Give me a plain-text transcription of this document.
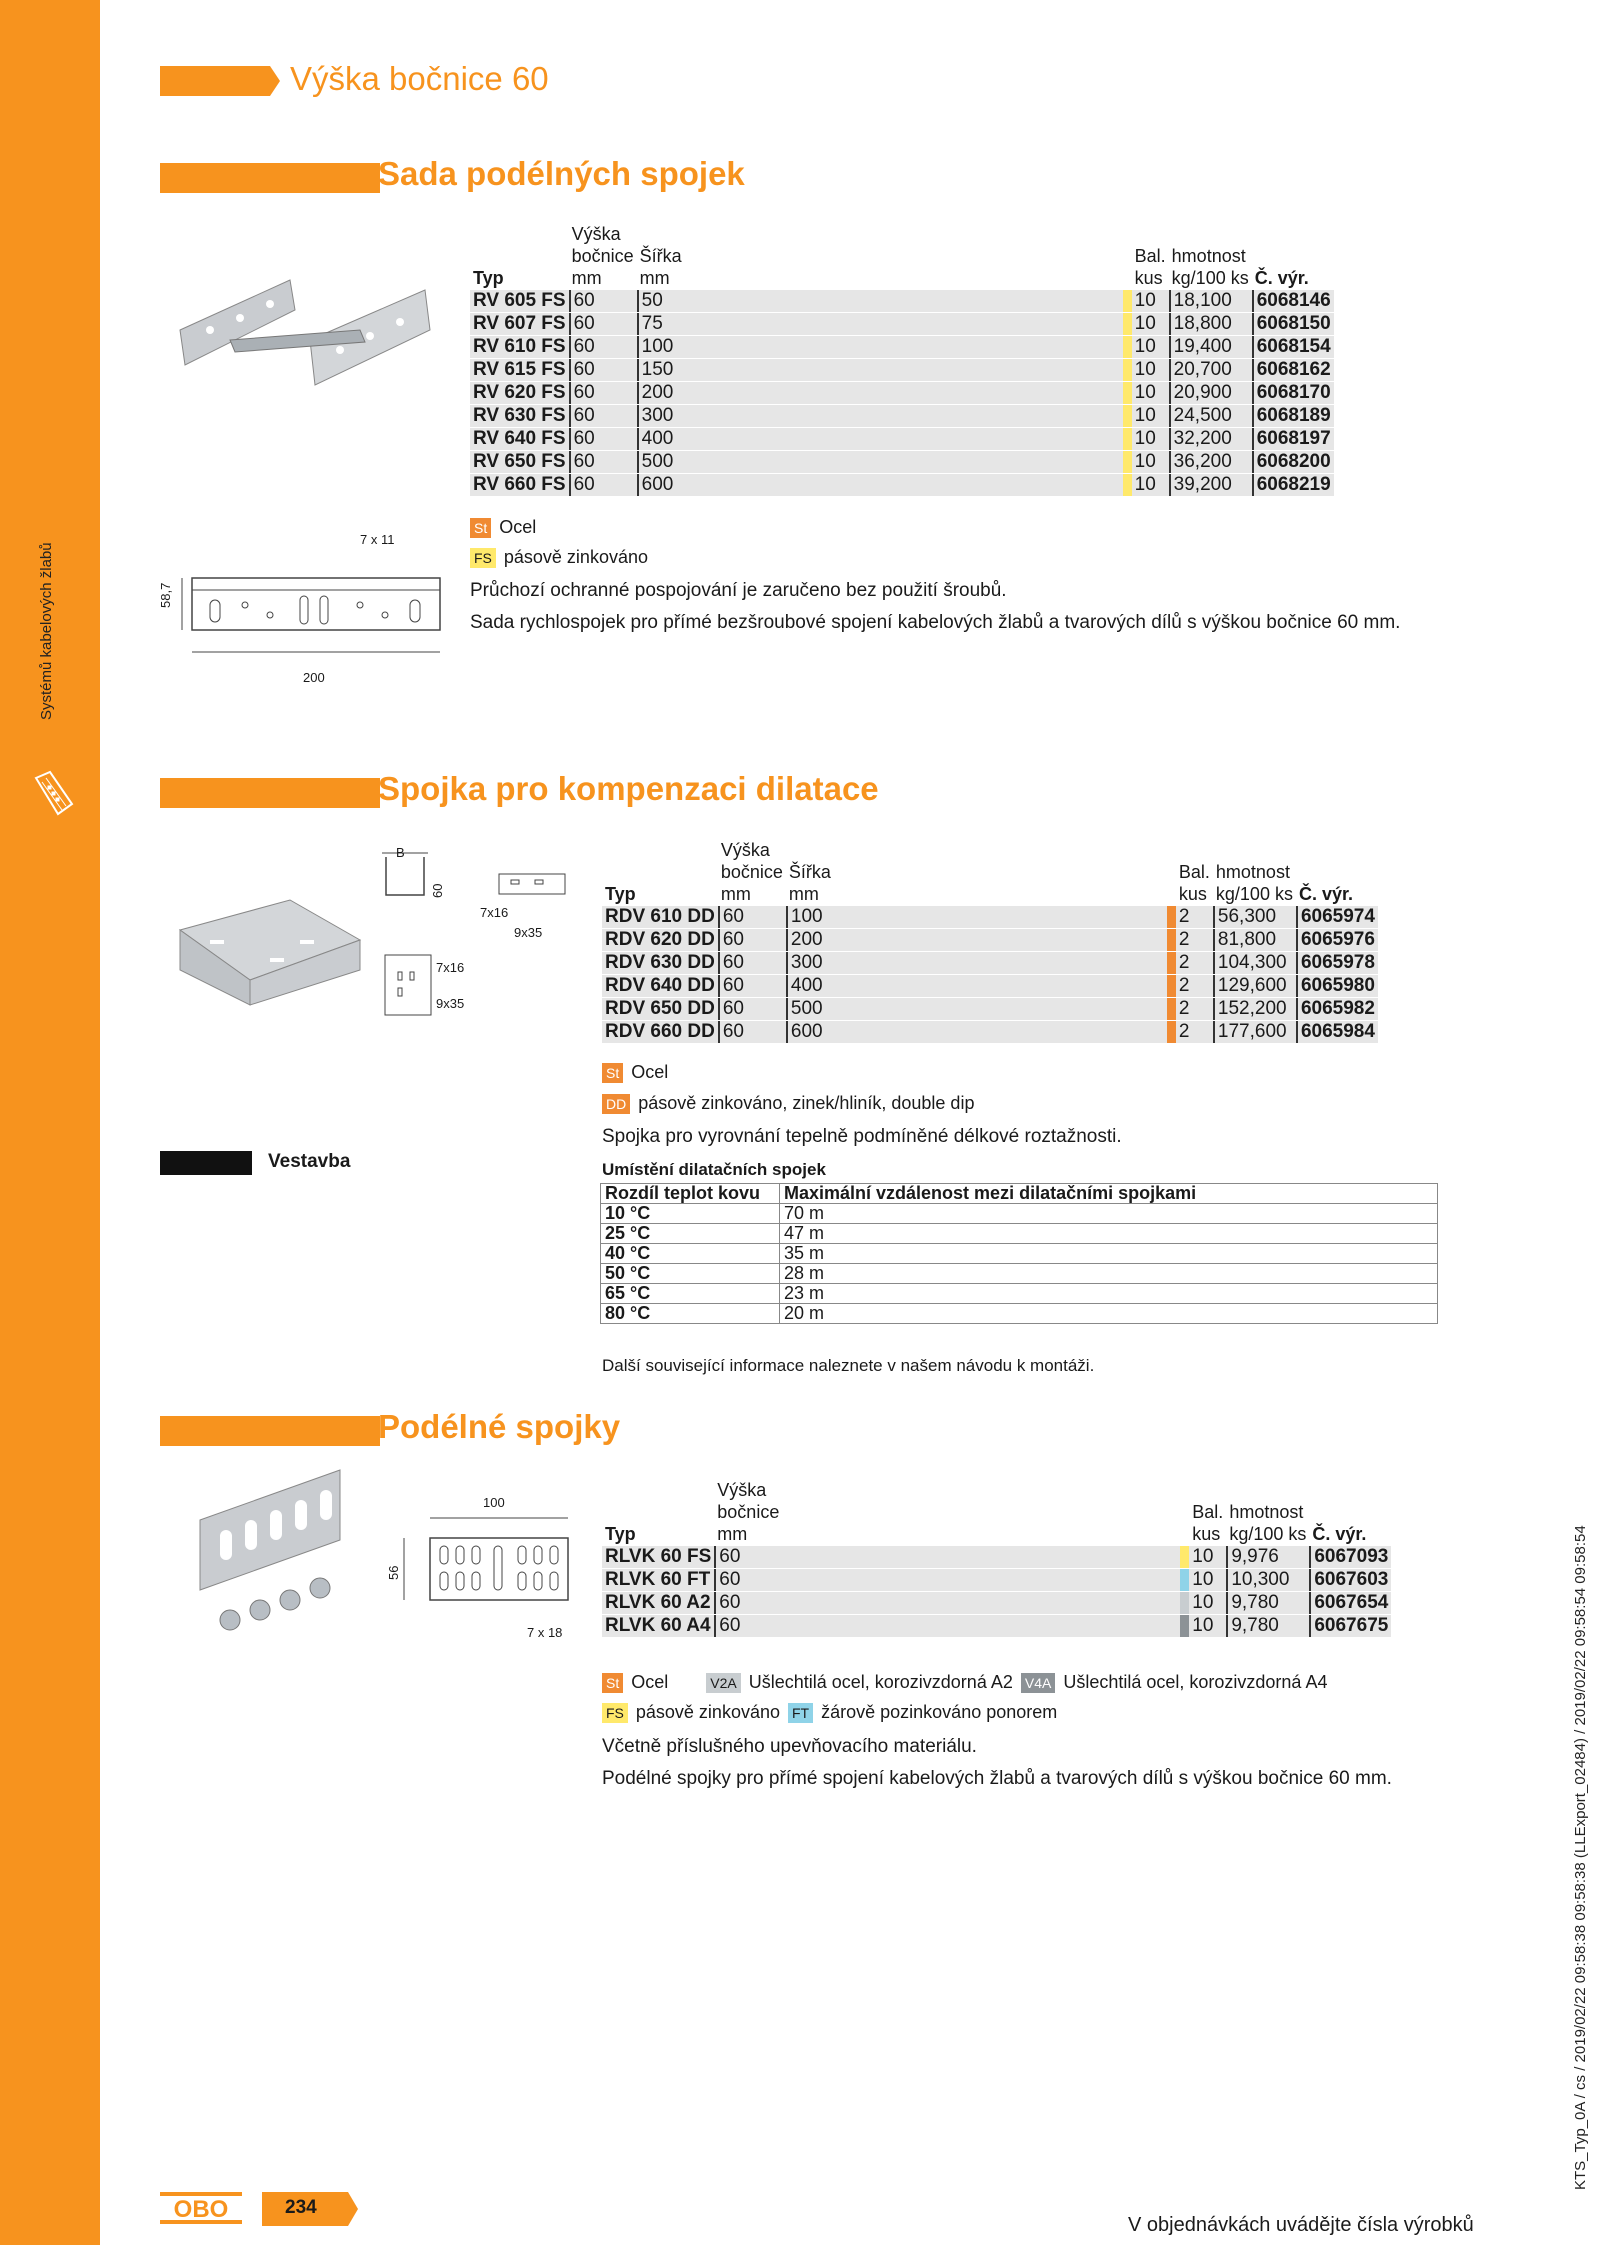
Systémů kabelových žlabů
Výška bočnice 60
Sada podélných spojek
7 x 11
58,7
200
Typ	Výška
bočnice
mm	Šířka
mm		Bal.
kus	hmotnost
kg/100 ks	Č. výr.
RV 605 FS	60	50		10	18,100	6068146
RV 607 FS	60	75		10	18,800	6068150
RV 610 FS	60	100		10	19,400	6068154
RV 615 FS	60	150		10	20,700	6068162
RV 620 FS	60	200		10	20,900	6068170
RV 630 FS	60	300		10	24,500	6068189
RV 640 FS	60	400		10	32,200	6068197
RV 650 FS	60	500		10	36,200	6068200
RV 660 FS	60	600		10	39,200	6068219
St Ocel
FS pásově zinkováno
Průchozí ochranné pospojování je zaručeno bez použití šroubů.
Sada rychlospojek pro přímé bezšroubové spojení kabelových žlabů a tvarových dílů s výškou bočnice 60 mm.
Spojka pro kompenzaci dilatace
B
60
7x16
9x35
7x16
9x35
Typ	Výška
bočnice
mm	Šířka
mm		Bal.
kus	hmotnost
kg/100 ks	Č. výr.
RDV 610 DD	60	100		2	56,300	6065974
RDV 620 DD	60	200		2	81,800	6065976
RDV 630 DD	60	300		2	104,300	6065978
RDV 640 DD	60	400		2	129,600	6065980
RDV 650 DD	60	500		2	152,200	6065982
RDV 660 DD	60	600		2	177,600	6065984
St Ocel
DD pásově zinkováno, zinek/hliník, double dip
Spojka pro vyrovnání tepelně podmíněné délkové roztažnosti.
Vestavba	Umístění dilatačních spojek
Rozdíl teplot kovu	Maximální vzdálenost mezi dilatačními spojkami
10 °C	70 m
25 °C	47 m
40 °C	35 m
50 °C	28 m
65 °C	23 m
80 °C	20 m
Další související informace naleznete v našem návodu k montáži.
Podélné spojky
100
56
7 x 18
Typ	Výška
bočnice
mm		Bal.
kus	hmotnost
kg/100 ks	Č. výr.
RLVK 60 FS	60		10	9,976	6067093
RLVK 60 FT	60		10	10,300	6067603
RLVK 60 A2	60		10	9,780	6067654
RLVK 60 A4	60		10	9,780	6067675
St Ocel	V2A Ušlechtilá ocel, korozivzdorná A2 V4A Ušlechtilá ocel, korozivzdorná A4
FS pásově zinkováno FT žárově pozinkováno ponorem
Včetně příslušného upevňovacího materiálu.
Podélné spojky pro přímé spojení kabelových žlabů a tvarových dílů s výškou bočnice 60 mm.
OBO	234
V objednávkách uvádějte čísla výrobků
KTS_Typ_0A / cs / 2019/02/22 09:58:38 09:58:38 (LLExport_02484) / 2019/02/22 09:58:54 09:58:54
